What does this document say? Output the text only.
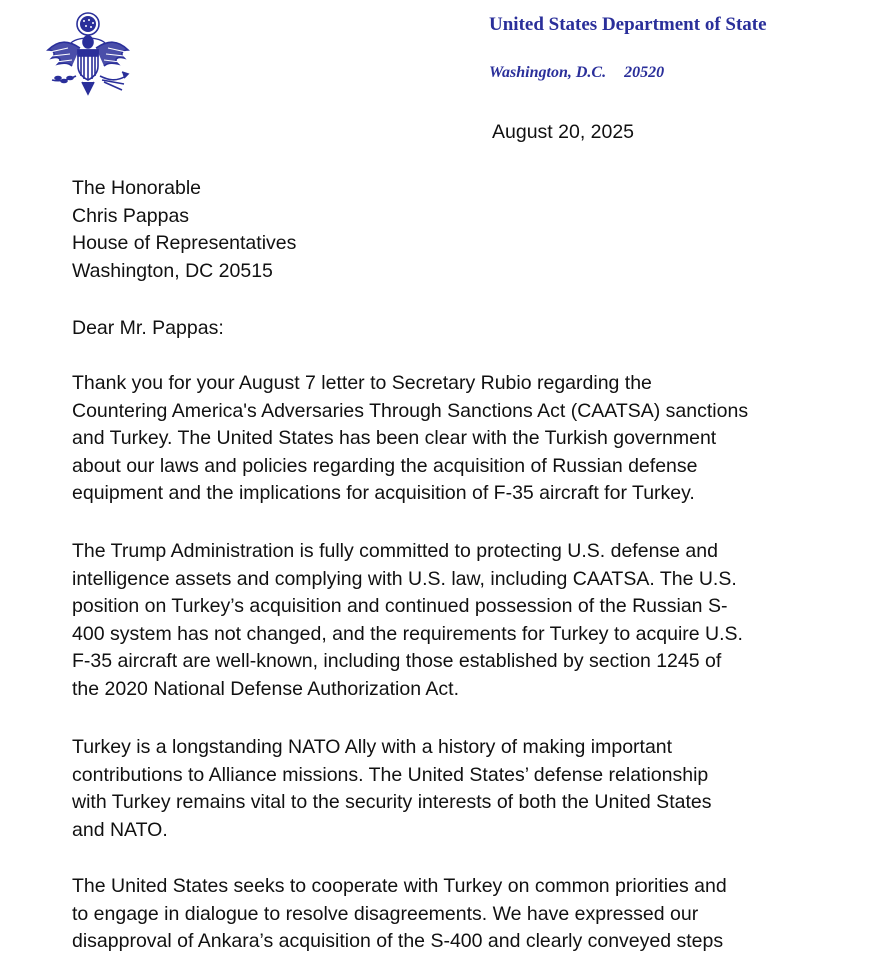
United States Department of State
Washington, D.C. 20520
August 20, 2025
The Honorable
Chris Pappas
House of Representatives
Washington, DC 20515
Dear Mr. Pappas:
Thank you for your August 7 letter to Secretary Rubio regarding the
Countering America's Adversaries Through Sanctions Act (CAATSA) sanctions
and Turkey. The United States has been clear with the Turkish government
about our laws and policies regarding the acquisition of Russian defense
equipment and the implications for acquisition of F-35 aircraft for Turkey.
The Trump Administration is fully committed to protecting U.S. defense and
intelligence assets and complying with U.S. law, including CAATSA. The U.S.
position on Turkey’s acquisition and continued possession of the Russian S-
400 system has not changed, and the requirements for Turkey to acquire U.S.
F-35 aircraft are well-known, including those established by section 1245 of
the 2020 National Defense Authorization Act.
Turkey is a longstanding NATO Ally with a history of making important
contributions to Alliance missions. The United States’ defense relationship
with Turkey remains vital to the security interests of both the United States
and NATO.
The United States seeks to cooperate with Turkey on common priorities and
to engage in dialogue to resolve disagreements. We have expressed our
disapproval of Ankara’s acquisition of the S-400 and clearly conveyed steps
